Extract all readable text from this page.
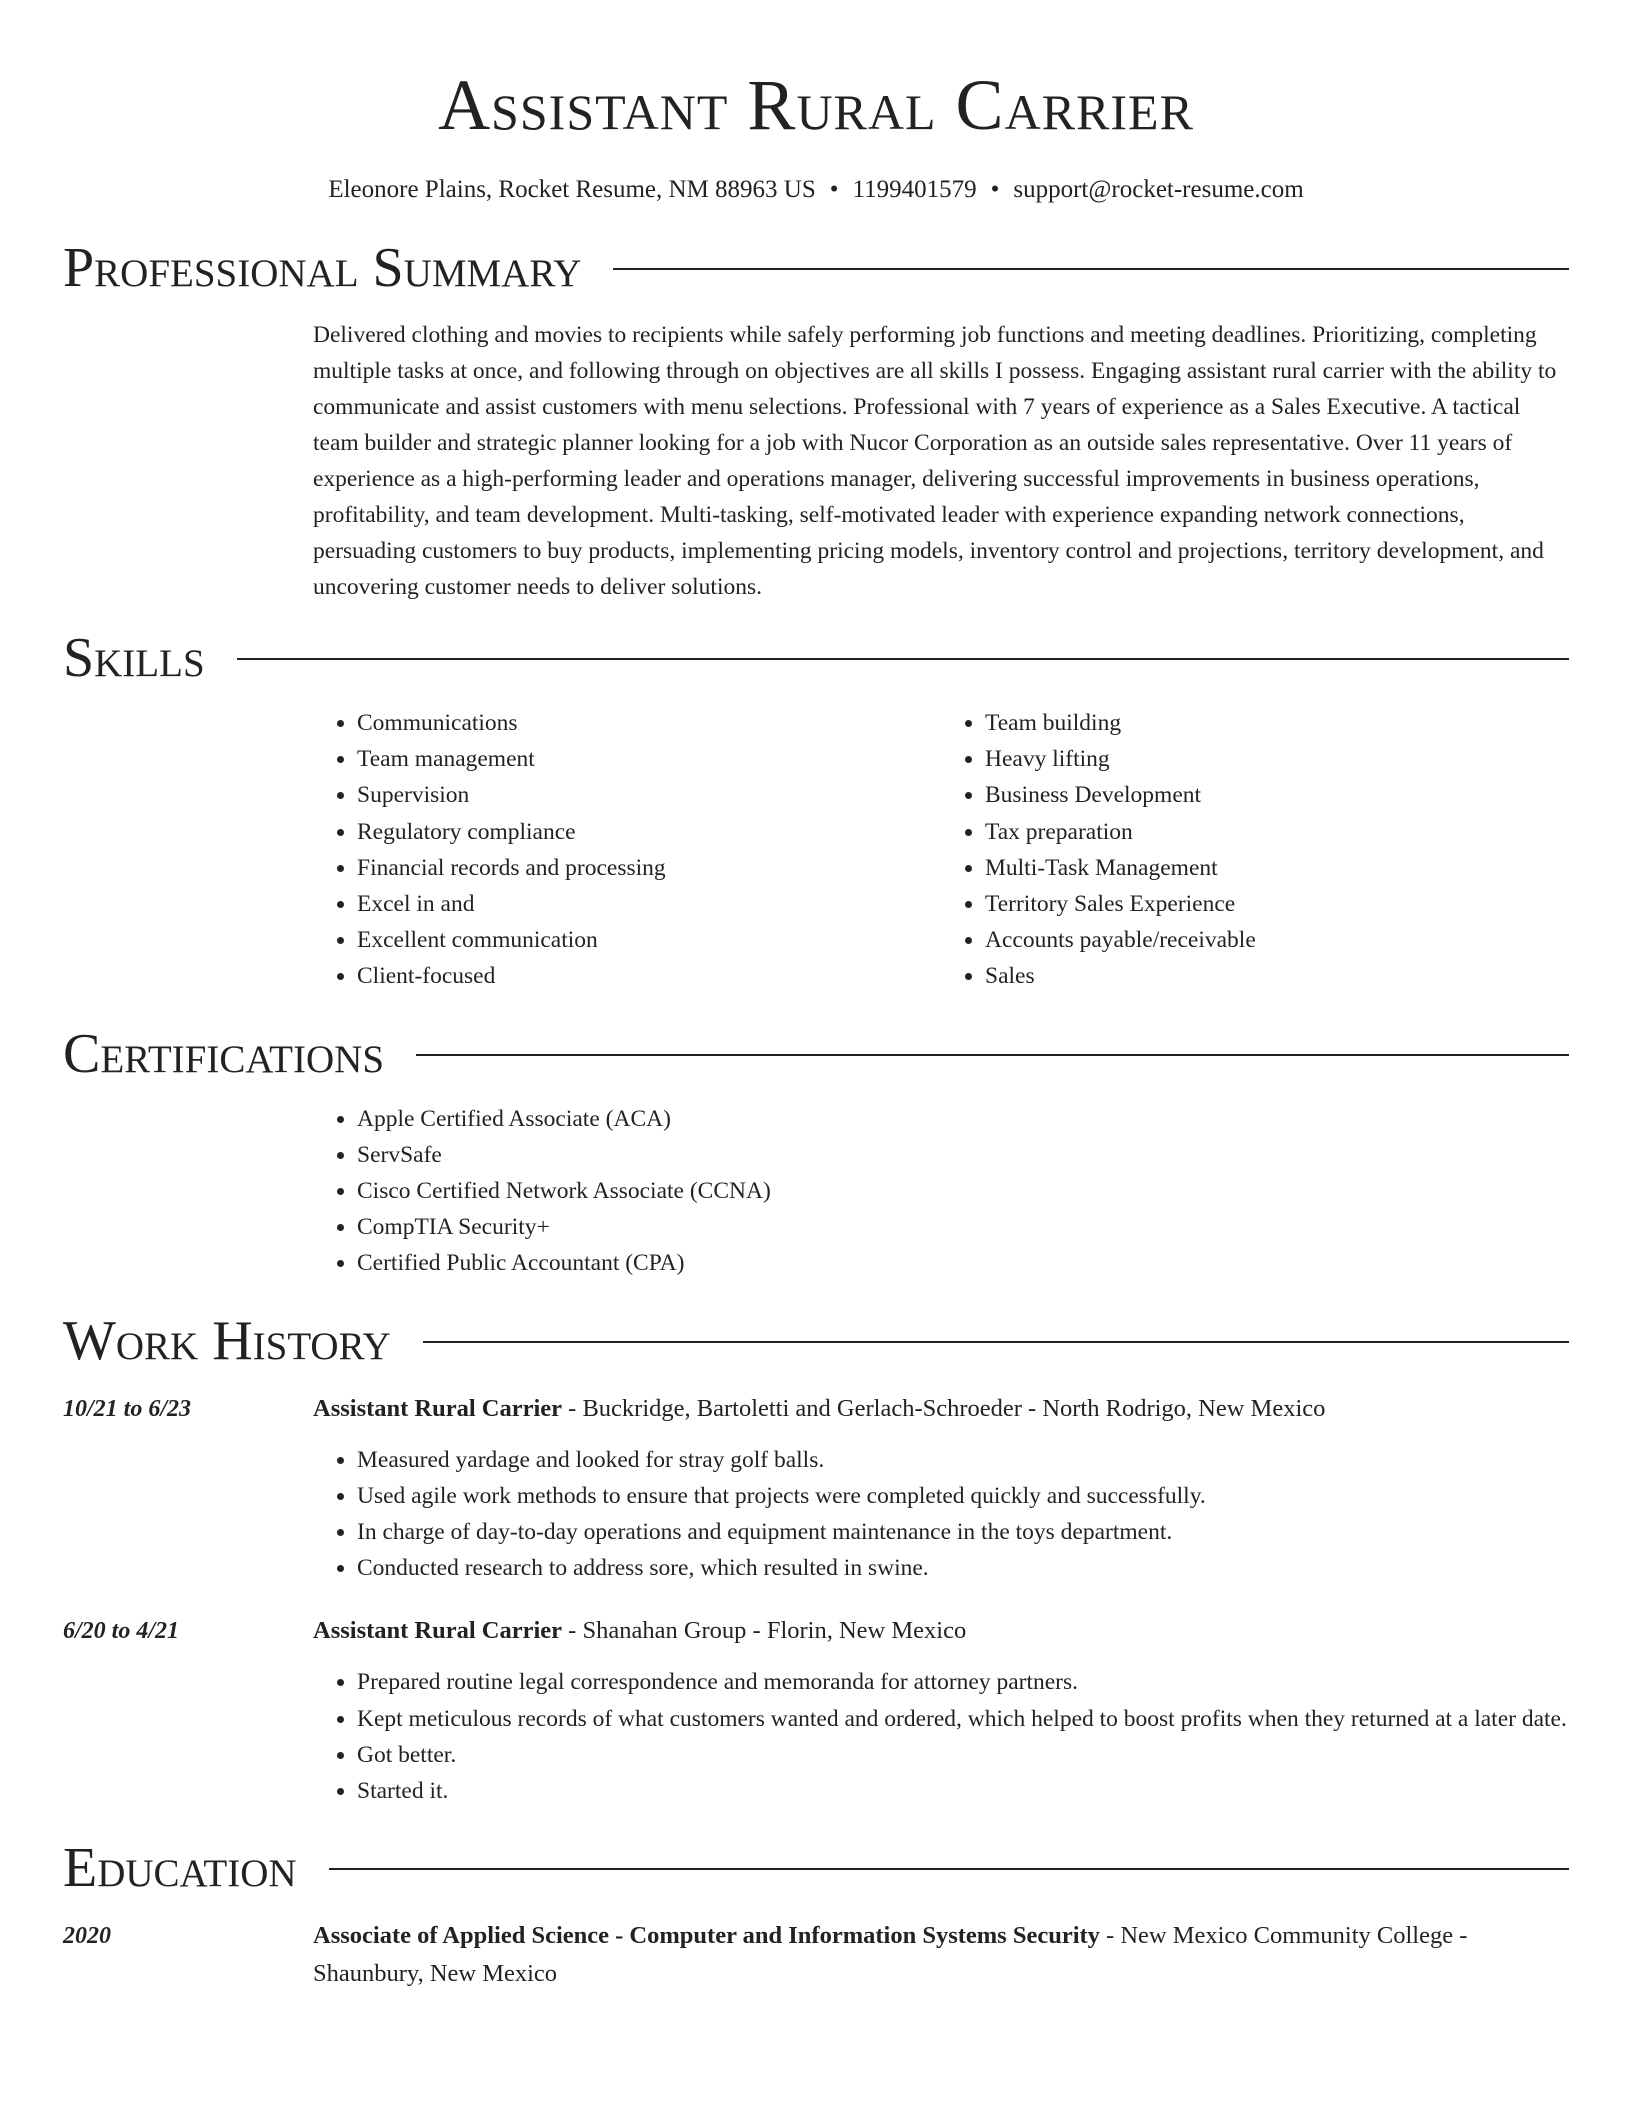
Assistant Rural Carrier
Eleonore Plains, Rocket Resume, NM 88963 US • 1199401579 • support@rocket-resume.com
Professional Summary
Delivered clothing and movies to recipients while safely performing job functions and meeting deadlines. Prioritizing, completing multiple tasks at once, and following through on objectives are all skills I possess. Engaging assistant rural carrier with the ability to communicate and assist customers with menu selections. Professional with 7 years of experience as a Sales Executive. A tactical team builder and strategic planner looking for a job with Nucor Corporation as an outside sales representative. Over 11 years of experience as a high-performing leader and operations manager, delivering successful improvements in business operations, profitability, and team development. Multi-tasking, self-motivated leader with experience expanding network connections, persuading customers to buy products, implementing pricing models, inventory control and projections, territory development, and uncovering customer needs to deliver solutions.
Skills
• Communications
• Team management
• Supervision
• Regulatory compliance
• Financial records and processing
• Excel in and
• Excellent communication
• Client-focused
• Team building
• Heavy lifting
• Business Development
• Tax preparation
• Multi-Task Management
• Territory Sales Experience
• Accounts payable/receivable
• Sales
Certifications
• Apple Certified Associate (ACA)
• ServSafe
• Cisco Certified Network Associate (CCNA)
• CompTIA Security+
• Certified Public Accountant (CPA)
Work History
10/21 to 6/23	Assistant Rural Carrier - Buckridge, Bartoletti and Gerlach-Schroeder - North Rodrigo, New Mexico
• Measured yardage and looked for stray golf balls.
• Used agile work methods to ensure that projects were completed quickly and successfully.
• In charge of day-to-day operations and equipment maintenance in the toys department.
• Conducted research to address sore, which resulted in swine.
6/20 to 4/21	Assistant Rural Carrier - Shanahan Group - Florin, New Mexico
• Prepared routine legal correspondence and memoranda for attorney partners.
• Kept meticulous records of what customers wanted and ordered, which helped to boost profits when they returned at a later date.
• Got better.
• Started it.
Education
2020	Associate of Applied Science - Computer and Information Systems Security - New Mexico Community College - Shaunbury, New Mexico
